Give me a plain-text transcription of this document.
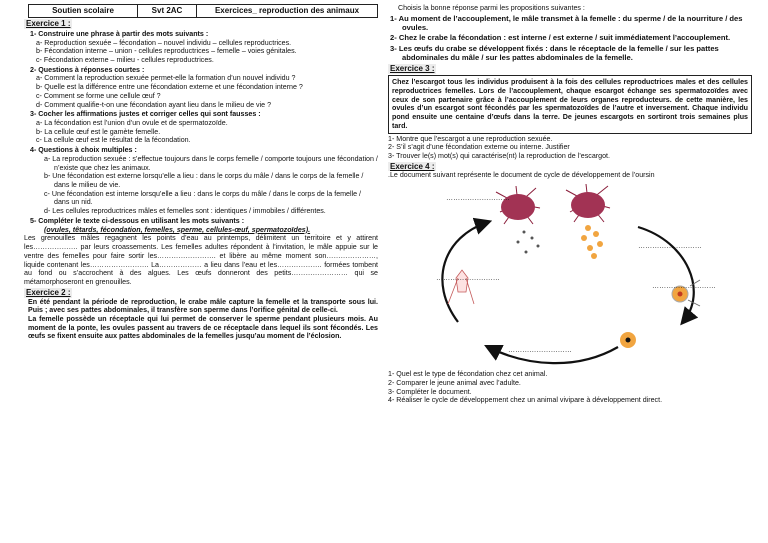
Soutien scolaire	Svt 2AC	Exercices_ reproduction des animaux
Exercice 1 :

1- Construire une phrase à partir des mots suivants :

a- Reproduction sexuée – fécondation – nouvel individu – cellules reproductrices.

b- Fécondation interne – union - cellules reproductrices – femelle – voies génitales.

c- Fécondation externe – milieu - cellules reproductrices.

2- Questions à réponses courtes :

a- Comment la reproduction sexuée permet-elle la formation d’un nouvel individu ?

b- Quelle est la différence entre une fécondation externe et une fécondation interne ?

c- Comment se forme une cellule œuf ?

d- Comment qualifie-t-on une fécondation ayant lieu dans le milieu de vie ?

3- Cocher les affirmations justes et corriger celles qui sont fausses :

a- La fécondation est l’union d’un ovule et de spermatozoïde.

b- La cellule œuf est le gamète femelle.

c- La cellule œuf est le résultat de la fécondation.

4- Questions à choix multiples :

a- La reproduction sexuée : s’effectue toujours dans le corps femelle / comporte toujours une fécondation / n’existe que chez les animaux.

b- Une fécondation est externe lorsqu’elle a lieu : dans le corps du mâle / dans le corps de la femelle / dans le milieu de vie.

c- Une fécondation est interne lorsqu’elle a lieu : dans le corps du mâle / dans le corps de la femelle / dans un nid.

d- Les cellules reproductrices mâles et femelles sont : identiques / immobiles / différentes.

5- Compléter le texte ci-dessous en utilisant les mots suivants :

(ovules, têtards, fécondation, femelles, sperme, cellules-œuf, spermatozoïdes).

Les grenouilles mâles regagnent les points d’eau au printemps, délimitent un territoire et y attirent les………………. par leurs croassements. Les femelles adultes répondent à l’invitation, le mâle appuie sur le ventre des femelles pour faire sortir les……………………. et libère au même moment son…………………, liquide contenant les……………………. La……………… a lieu dans l’eau et les………………. formées tombent au fond ou s’accrochent à des algues. Les œufs donneront des petits…………………… qui se métamorphoseront en grenouilles.

Exercice 2 :

En été pendant la période de reproduction, le crabe mâle capture la femelle et la transporte sous lui. Puis ; avec ses pattes abdominales, il transfère son sperme dans l’orifice génital de celle-ci.

La femelle possède un réceptacle qui lui permet de conserver le sperme pendant plusieurs mois. Au moment de la ponte, les ovules passent au travers de ce réceptacle dans lequel ils sont fécondés. Les œufs se fixent ensuite aux pattes abdominales de la femelles jusqu’au moment de l’éclosion.

Choisis la bonne réponse parmi les propositions suivantes :

1- Au moment de l’accouplement, le mâle transmet à la femelle : du sperme / de la nourriture / des ovules.

2- Chez le crabe la fécondation : est interne / est externe / suit immédiatement l’accouplement.

3- Les œufs du crabe se développent fixés : dans le réceptacle de la femelle / sur les pattes abdominales du mâle / sur les pattes abdominales de la femelle.

Exercice 3 :
Chez l’escargot tous les individus produisent à la fois des cellules reproductrices males et des cellules reproductrices femelles. Lors de l’accouplement, chaque escargot échange ses spermatozoïdes avec ceux de son partenaire grâce à l’accouplement de leurs organes reproducteurs. de cette manière, les ovules d’un escargot sont fécondés par les spermatozoïdes de l’autre et inversement. Chaque individu pond ensuite une centaine d’œufs dans la terre. De jeunes escargots en sortiront trois semaines plus tard.

1- Montre que l’escargot a une reproduction sexuée.

2- S’il s’agit d’une fécondation externe ou interne. Justifier

3- Trouver le(s) mot(s) qui caractérise(nt) la reproduction de l’escargot.

Exercice 4 :

.Le document suivant représente le document de cycle de développement de l’oursin

………………………
………………………
………………………
………………………
………………………

1- Quel est le type de fécondation chez cet animal.

2- Comparer le jeune animal avec l’adulte.

3- Compléter le document.

4- Réaliser le cycle de développement chez un animal vivipare à développement direct.
